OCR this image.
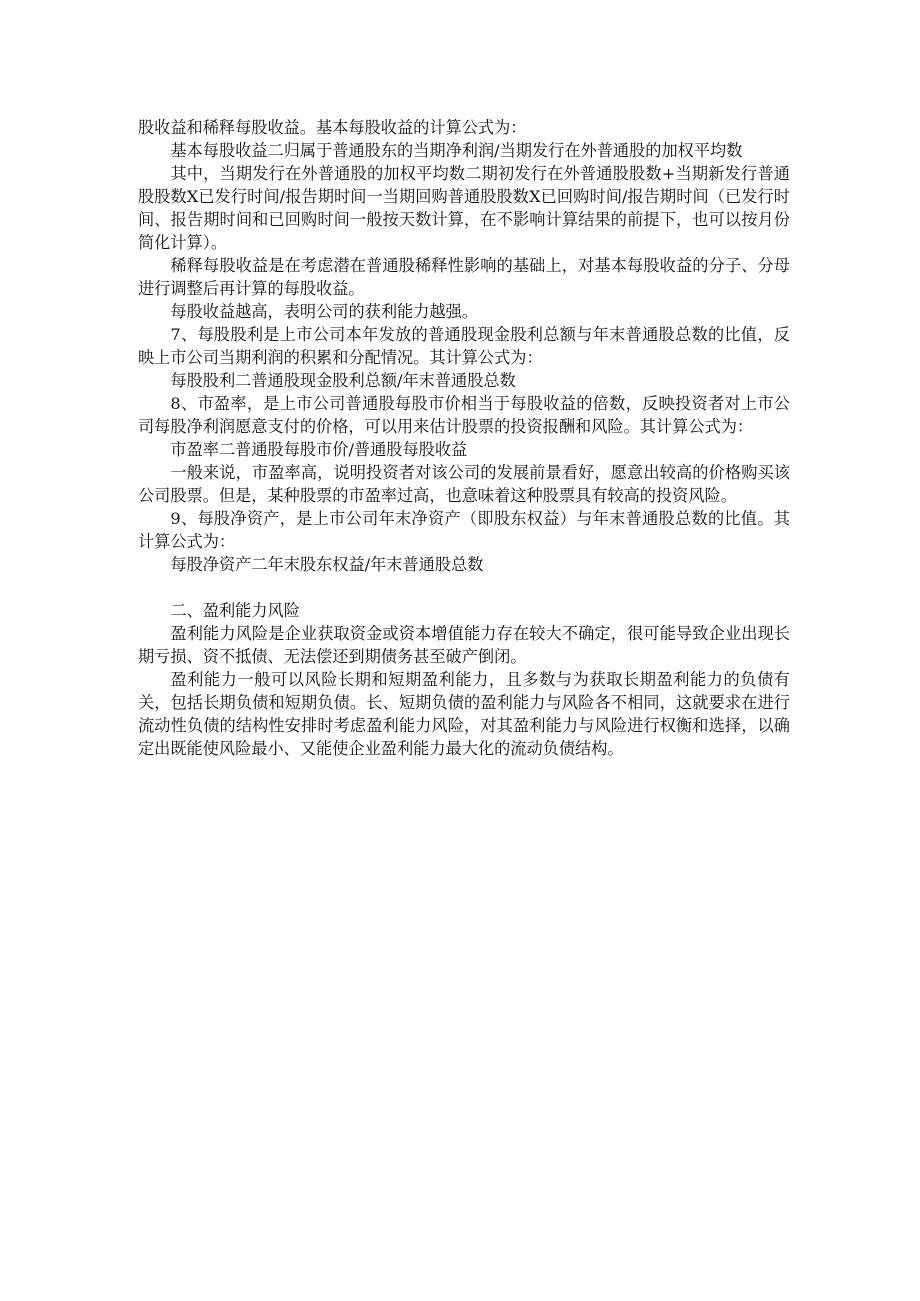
股收益和稀释每股收益。基本每股收益的计算公式为：

基本每股收益二归属于普通股东的当期净利润/当期发行在外普通股的加权平均数

其中，当期发行在外普通股的加权平均数二期初发行在外普通股股数+当期新发行普通股股数X已发行时间/报告期时间一当期回购普通股股数X已回购时间/报告期时间（已发行时间、报告期时间和已回购时间一般按天数计算，在不影响计算结果的前提下，也可以按月份简化计算）。

稀释每股收益是在考虑潜在普通股稀释性影响的基础上，对基本每股收益的分子、分母进行调整后再计算的每股收益。

每股收益越高，表明公司的获利能力越强。

7、每股股利是上市公司本年发放的普通股现金股利总额与年末普通股总数的比值，反映上市公司当期利润的积累和分配情况。其计算公式为：

每股股利二普通股现金股利总额/年末普通股总数

8、市盈率，是上市公司普通股每股市价相当于每股收益的倍数，反映投资者对上市公司每股净利润愿意支付的价格，可以用来估计股票的投资报酬和风险。其计算公式为：

市盈率二普通股每股市价/普通股每股收益

一般来说，市盈率高，说明投资者对该公司的发展前景看好，愿意出较高的价格购买该公司股票。但是，某种股票的市盈率过高，也意味着这种股票具有较高的投资风险。

9、每股净资产，是上市公司年末净资产（即股东权益）与年末普通股总数的比值。其计算公式为：

每股净资产二年末股东权益/年末普通股总数

二、盈利能力风险

盈利能力风险是企业获取资金或资本增值能力存在较大不确定，很可能导致企业出现长期亏损、资不抵债、无法偿还到期债务甚至破产倒闭。

盈利能力一般可以风险长期和短期盈利能力，且多数与为获取长期盈利能力的负债有关，包括长期负债和短期负债。长、短期负债的盈利能力与风险各不相同，这就要求在进行流动性负债的结构性安排时考虑盈利能力风险，对其盈利能力与风险进行权衡和选择，以确定出既能使风险最小、又能使企业盈利能力最大化的流动负债结构。
